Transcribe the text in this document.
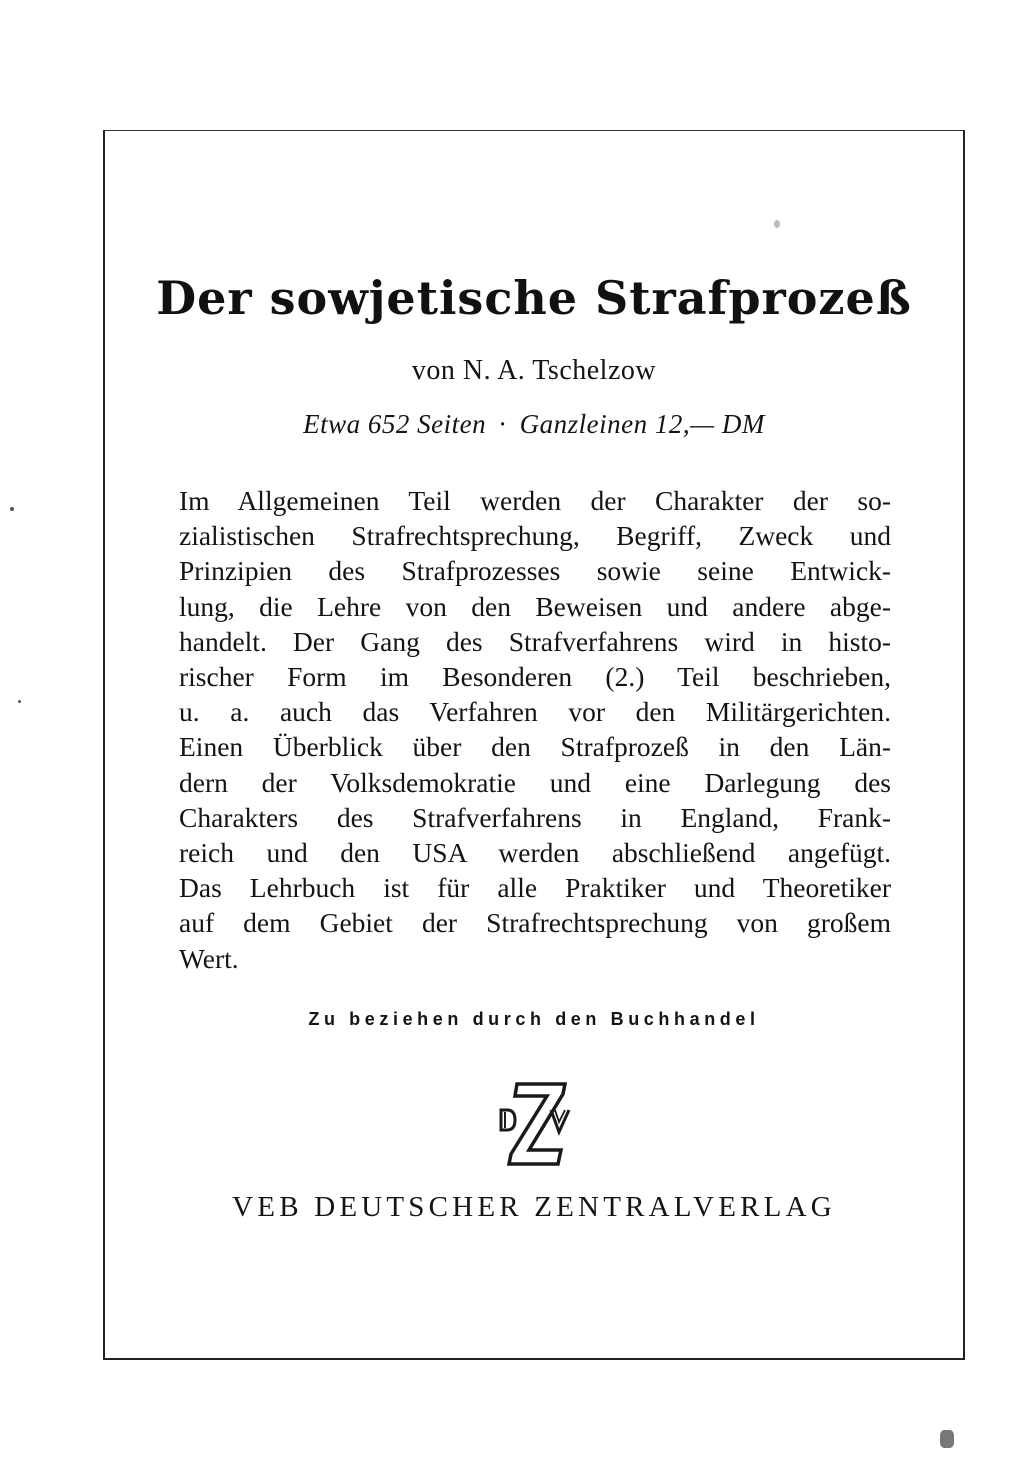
Der sowjetische Strafprozeß

von N. A. Tschelzow

Etwa 652 Seiten · Ganzleinen 12,— DM

Im Allgemeinen Teil werden der Charakter der so-
zialistischen Strafrechtsprechung, Begriff, Zweck und
Prinzipien des Strafprozesses sowie seine Entwick-
lung, die Lehre von den Beweisen und andere abge-
handelt. Der Gang des Strafverfahrens wird in histo-
rischer Form im Besonderen (2.) Teil beschrieben,
u. a. auch das Verfahren vor den Militärgerichten.
Einen Überblick über den Strafprozeß in den Län-
dern der Volksdemokratie und eine Darlegung des
Charakters des Strafverfahrens in England, Frank-
reich und den USA werden abschließend angefügt.
Das Lehrbuch ist für alle Praktiker und Theoretiker
auf dem Gebiet der Strafrechtsprechung von großem
Wert.

Zu beziehen durch den Buchhandel

VEB DEUTSCHER ZENTRALVERLAG
